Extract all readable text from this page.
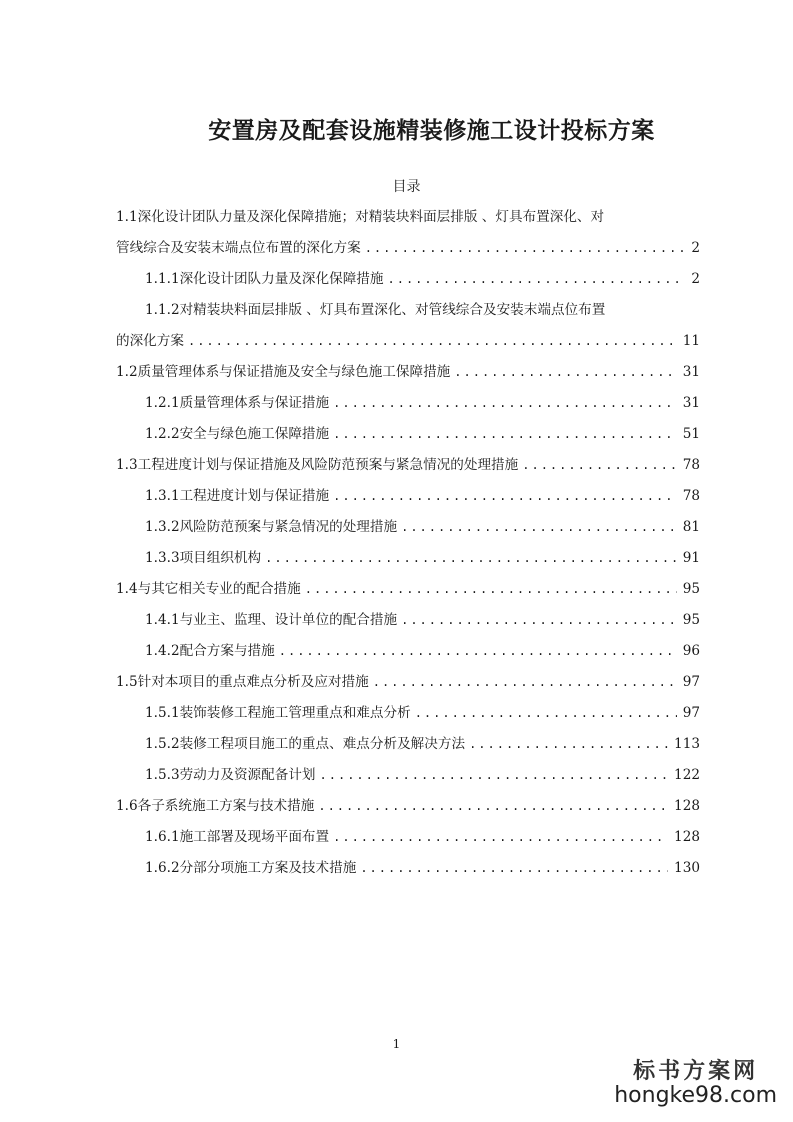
安置房及配套设施精装修施工设计投标方案
目录
1.1深化设计团队力量及深化保障措施；对精装块料面层排版 、灯具布置深化、对
管线综合及安装末端点位布置的深化方案 .....	2
1.1.1深化设计团队力量及深化保障措施 .....	2
1.1.2对精装块料面层排版 、灯具布置深化、对管线综合及安装末端点位布置
的深化方案 .....	11
1.2质量管理体系与保证措施及安全与绿色施工保障措施 .....	31
1.2.1质量管理体系与保证措施 .....	31
1.2.2安全与绿色施工保障措施 .....	51
1.3工程进度计划与保证措施及风险防范预案与紧急情况的处理措施 .....	78
1.3.1工程进度计划与保证措施 .....	78
1.3.2风险防范预案与紧急情况的处理措施 .....	81
1.3.3项目组织机构 .....	91
1.4与其它相关专业的配合措施 .....	95
1.4.1与业主、监理、设计单位的配合措施 .....	95
1.4.2配合方案与措施 .....	96
1.5针对本项目的重点难点分析及应对措施 .....	97
1.5.1装饰装修工程施工管理重点和难点分析 .....	97
1.5.2装修工程项目施工的重点、难点分析及解决方法 .....	113
1.5.3劳动力及资源配备计划 .....	122
1.6各子系统施工方案与技术措施 .....	128
1.6.1施工部署及现场平面布置 .....	128
1.6.2分部分项施工方案及技术措施 .....	130
1
标书方案网
hongke98.com
